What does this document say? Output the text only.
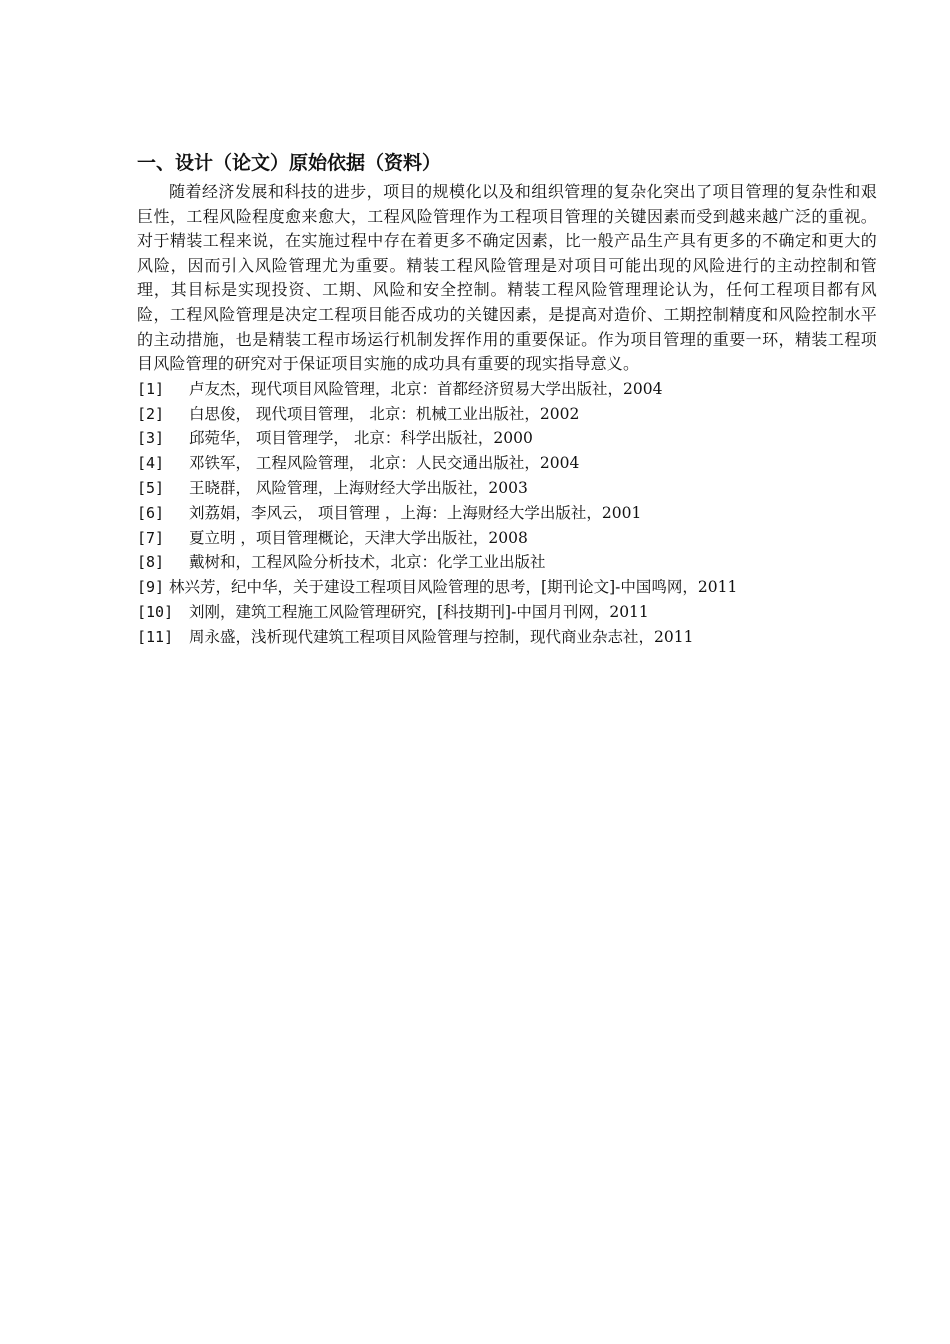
一、设计（论文）原始依据（资料）

随着经济发展和科技的进步，项目的规模化以及和组织管理的复杂化突出了项目管理的复杂性和艰巨性，工程风险程度愈来愈大，工程风险管理作为工程项目管理的关键因素而受到越来越广泛的重视。对于精装工程来说，在实施过程中存在着更多不确定因素，比一般产品生产具有更多的不确定和更大的风险，因而引入风险管理尤为重要。精装工程风险管理是对项目可能出现的风险进行的主动控制和管理，其目标是实现投资、工期、风险和安全控制。精装工程风险管理理论认为，任何工程项目都有风险，工程风险管理是决定工程项目能否成功的关键因素，是提高对造价、工期控制精度和风险控制水平的主动措施，也是精装工程市场运行机制发挥作用的重要保证。作为项目管理的重要一环，精装工程项目风险管理的研究对于保证项目实施的成功具有重要的现实指导意义。

[1]	卢友杰，现代项目风险管理，北京：首都经济贸易大学出版社，2004
[2]	白思俊， 现代项目管理， 北京：机械工业出版社，2002
[3]	邱菀华， 项目管理学， 北京：科学出版社，2000
[4]	邓铁军， 工程风险管理， 北京：人民交通出版社，2004
[5]	王晓群， 风险管理，上海财经大学出版社，2003
[6]	刘荔娟，李风云， 项目管理 ，上海：上海财经大学出版社，2001
[7]	夏立明 ，项目管理概论，天津大学出版社，2008
[8]	戴树和，工程风险分析技术，北京：化学工业出版社
[9] 林兴芳，纪中华，关于建设工程项目风险管理的思考，[期刊论文]-中国鸣网，2011
[10]	刘刚，建筑工程施工风险管理研究，[科技期刊]-中国月刊网，2011
[11]	周永盛，浅析现代建筑工程项目风险管理与控制，现代商业杂志社，2011
